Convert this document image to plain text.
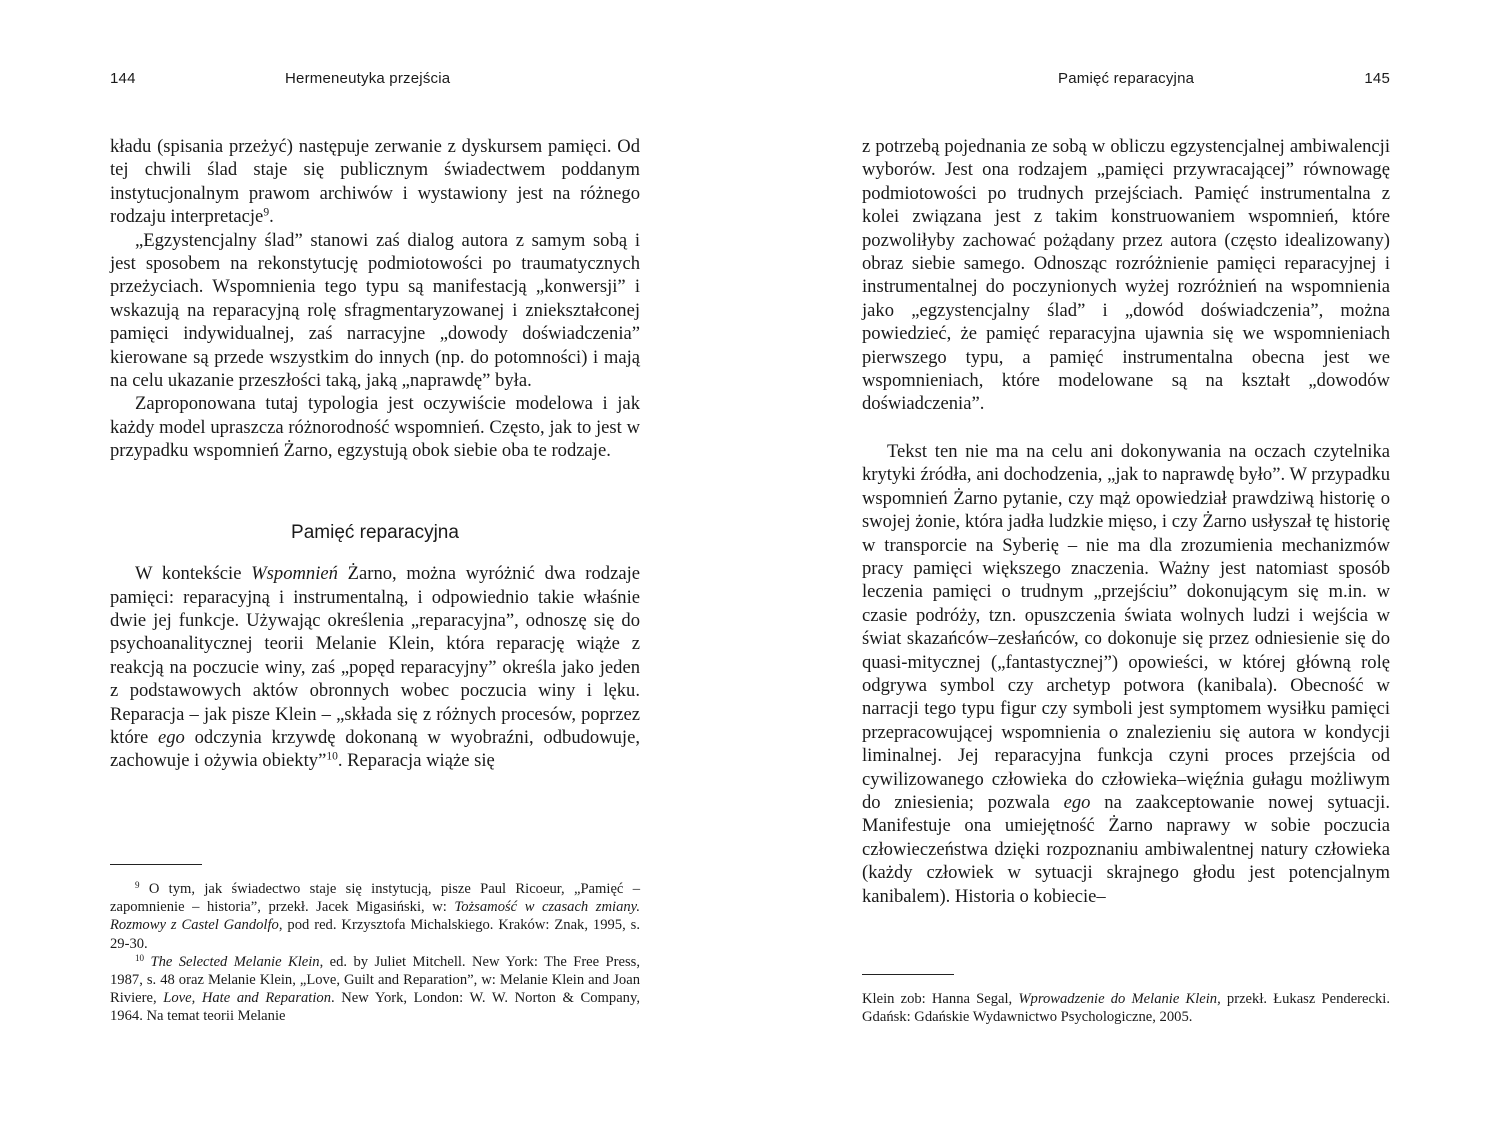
144	Hermeneutyka przejścia

kładu (spisania przeżyć) następuje zerwanie z dyskursem pamięci. Od tej chwili ślad staje się publicznym świadectwem poddanym instytucjonalnym prawom archiwów i wystawiony jest na różnego rodzaju interpretacje$^9$.

„Egzystencjalny ślad” stanowi zaś dialog autora z samym sobą i jest sposobem na rekonstytucję podmiotowości po traumatycznych przeżyciach. Wspomnienia tego typu są manifestacją „konwersji” i wskazują na reparacyjną rolę sfragmentaryzowanej i zniekształconej pamięci indywidualnej, zaś narracyjne „dowody doświadczenia” kierowane są przede wszystkim do innych (np. do potomności) i mają na celu ukazanie przeszłości taką, jaką „naprawdę” była.

Zaproponowana tutaj typologia jest oczywiście modelowa i jak każdy model upraszcza różnorodność wspomnień. Często, jak to jest w przypadku wspomnień Żarno, egzystują obok siebie oba te rodzaje.

Pamięć reparacyjna

W kontekście Wspomnień Żarno, można wyróżnić dwa rodzaje pamięci: reparacyjną i instrumentalną, i odpowiednio takie właśnie dwie jej funkcje. Używając określenia „reparacyjna”, odnoszę się do psychoanalitycznej teorii Melanie Klein, która reparację wiąże z reakcją na poczucie winy, zaś „popęd reparacyjny” określa jako jeden z podstawowych aktów obronnych wobec poczucia winy i lęku. Reparacja – jak pisze Klein – „składa się z różnych procesów, poprzez które ego odczynia krzywdę dokonaną w wyobraźni, odbudowuje, zachowuje i ożywia obiekty”$^{10}$. Reparacja wiąże się

$^9$ O tym, jak świadectwo staje się instytucją, pisze Paul Ricoeur, „Pamięć – zapomnienie – historia”, przekł. Jacek Migasiński, w: Tożsamość w czasach zmiany. Rozmowy z Castel Gandolfo, pod red. Krzysztofa Michalskiego. Kraków: Znak, 1995, s. 29-30.

$^{10}$ The Selected Melanie Klein, ed. by Juliet Mitchell. New York: The Free Press, 1987, s. 48 oraz Melanie Klein, „Love, Guilt and Reparation”, w: Melanie Klein and Joan Riviere, Love, Hate and Reparation. New York, London: W. W. Norton & Company, 1964. Na temat teorii Melanie

Pamięć reparacyjna	145

z potrzebą pojednania ze sobą w obliczu egzystencjalnej ambiwalencji wyborów. Jest ona rodzajem „pamięci przywracającej” równowagę podmiotowości po trudnych przejściach. Pamięć instrumentalna z kolei związana jest z takim konstruowaniem wspomnień, które pozwoliłyby zachować pożądany przez autora (często idealizowany) obraz siebie samego. Odnosząc rozróżnienie pamięci reparacyjnej i instrumentalnej do poczynionych wyżej rozróżnień na wspomnienia jako „egzystencjalny ślad” i „dowód doświadczenia”, można powiedzieć, że pamięć reparacyjna ujawnia się we wspomnieniach pierwszego typu, a pamięć instrumentalna obecna jest we wspomnieniach, które modelowane są na kształt „dowodów doświadczenia”.

Tekst ten nie ma na celu ani dokonywania na oczach czytelnika krytyki źródła, ani dochodzenia, „jak to naprawdę było”. W przypadku wspomnień Żarno pytanie, czy mąż opowiedział prawdziwą historię o swojej żonie, która jadła ludzkie mięso, i czy Żarno usłyszał tę historię w transporcie na Syberię – nie ma dla zrozumienia mechanizmów pracy pamięci większego znaczenia. Ważny jest natomiast sposób leczenia pamięci o trudnym „przejściu” dokonującym się m.in. w czasie podróży, tzn. opuszczenia świata wolnych ludzi i wejścia w świat skazańców–zesłańców, co dokonuje się przez odniesienie się do quasi-mitycznej („fantastycznej”) opowieści, w której główną rolę odgrywa symbol czy archetyp potwora (kanibala). Obecność w narracji tego typu figur czy symboli jest symptomem wysiłku pamięci przepracowującej wspomnienia o znalezieniu się autora w kondycji liminalnej. Jej reparacyjna funkcja czyni proces przejścia od cywilizowanego człowieka do człowieka–więźnia gułagu możliwym do zniesienia; pozwala ego na zaakceptowanie nowej sytuacji. Manifestuje ona umiejętność Żarno naprawy w sobie poczucia człowieczeństwa dzięki rozpoznaniu ambiwalentnej natury człowieka (każdy człowiek w sytuacji skrajnego głodu jest potencjalnym kanibalem). Historia o kobiecie–

Klein zob: Hanna Segal, Wprowadzenie do Melanie Klein, przekł. Łukasz Penderecki. Gdańsk: Gdańskie Wydawnictwo Psychologiczne, 2005.
